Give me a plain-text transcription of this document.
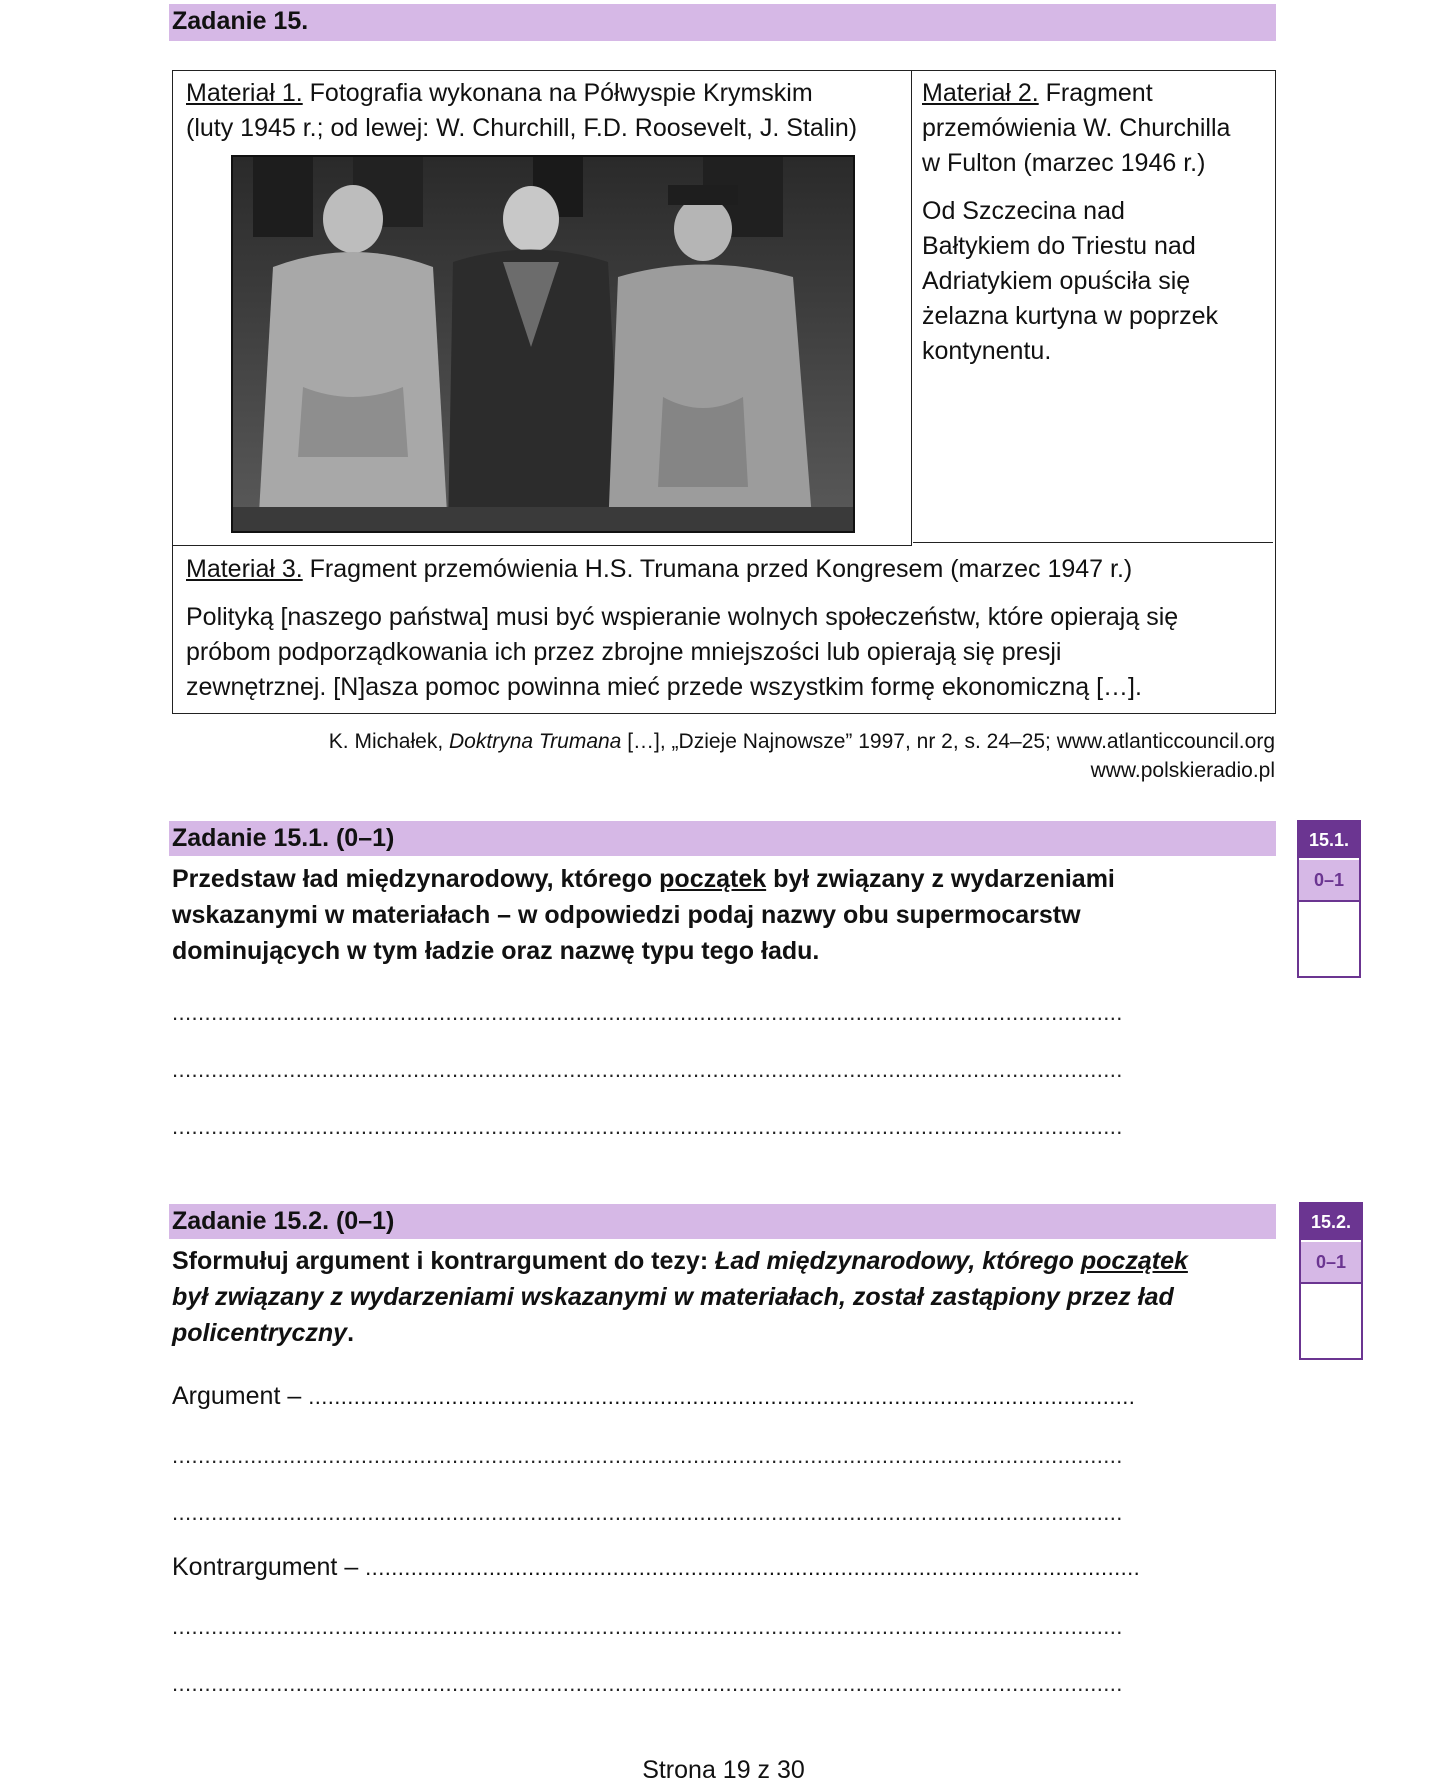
Zadanie 15.
Materiał 1. Fotografia wykonana na Półwyspie Krymskim
(luty 1945 r.; od lewej: W. Churchill, F.D. Roosevelt, J. Stalin)
Materiał 2. Fragment
przemówienia W. Churchilla
w Fulton (marzec 1946 r.)
Od Szczecina nad
Bałtykiem do Triestu nad
Adriatykiem opuściła się
żelazna kurtyna w poprzek
kontynentu.
Materiał 3. Fragment przemówienia H.S. Trumana przed Kongresem (marzec 1947 r.)
Polityką [naszego państwa] musi być wspieranie wolnych społeczeństw, które opierają się
próbom podporządkowania ich przez zbrojne mniejszości lub opierają się presji
zewnętrznej. [N]asza pomoc powinna mieć przede wszystkim formę ekonomiczną […].
K. Michałek, Doktryna Trumana […], „Dzieje Najnowsze” 1997, nr 2, s. 24–25; www.atlanticcouncil.org
www.polskieradio.pl
Zadanie 15.1. (0–1)
Przedstaw ład międzynarodowy, którego początek był związany z wydarzeniami
wskazanymi w materiałach – w odpowiedzi podaj nazwy obu supermocarstw
dominujących w tym ładzie oraz nazwę typu tego ładu.
..................................................................................................................................................
..................................................................................................................................................
..................................................................................................................................................
15.1.
0–1
Zadanie 15.2. (0–1)
Sformułuj argument i kontrargument do tezy: Ład międzynarodowy, którego początek
był związany z wydarzeniami wskazanymi w materiałach, został zastąpiony przez ład
policentryczny.
Argument – ...............................................................................................................................
..................................................................................................................................................
..................................................................................................................................................
Kontrargument – .......................................................................................................................
..................................................................................................................................................
..................................................................................................................................................
15.2.
0–1
Strona 19 z 30
